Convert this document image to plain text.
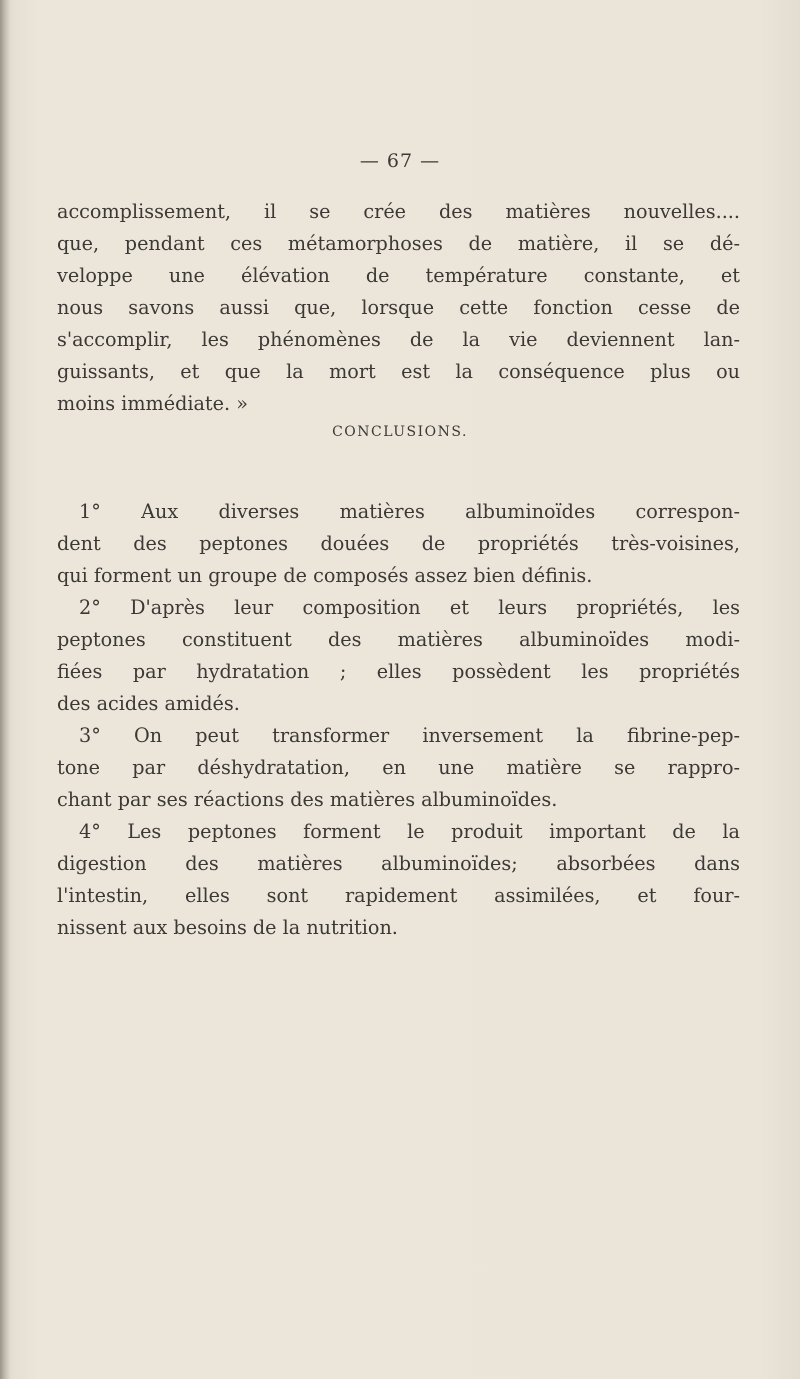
— 67 —
accomplissement, il se crée des matières nouvelles....
que, pendant ces métamorphoses de matière, il se dé-
veloppe une élévation de température constante, et
nous savons aussi que, lorsque cette fonction cesse de
s'accomplir, les phénomènes de la vie deviennent lan-
guissants, et que la mort est la conséquence plus ou
moins immédiate. »
CONCLUSIONS.
1° Aux diverses matières albuminoïdes correspon-
dent des peptones douées de propriétés très-voisines,
qui forment un groupe de composés assez bien définis.
2° D'après leur composition et leurs propriétés, les
peptones constituent des matières albuminoïdes modi-
fiées par hydratation ; elles possèdent les propriétés
des acides amidés.
3° On peut transformer inversement la fibrine-pep-
tone par déshydratation, en une matière se rappro-
chant par ses réactions des matières albuminoïdes.
4° Les peptones forment le produit important de la
digestion des matières albuminoïdes; absorbées dans
l'intestin, elles sont rapidement assimilées, et four-
nissent aux besoins de la nutrition.
